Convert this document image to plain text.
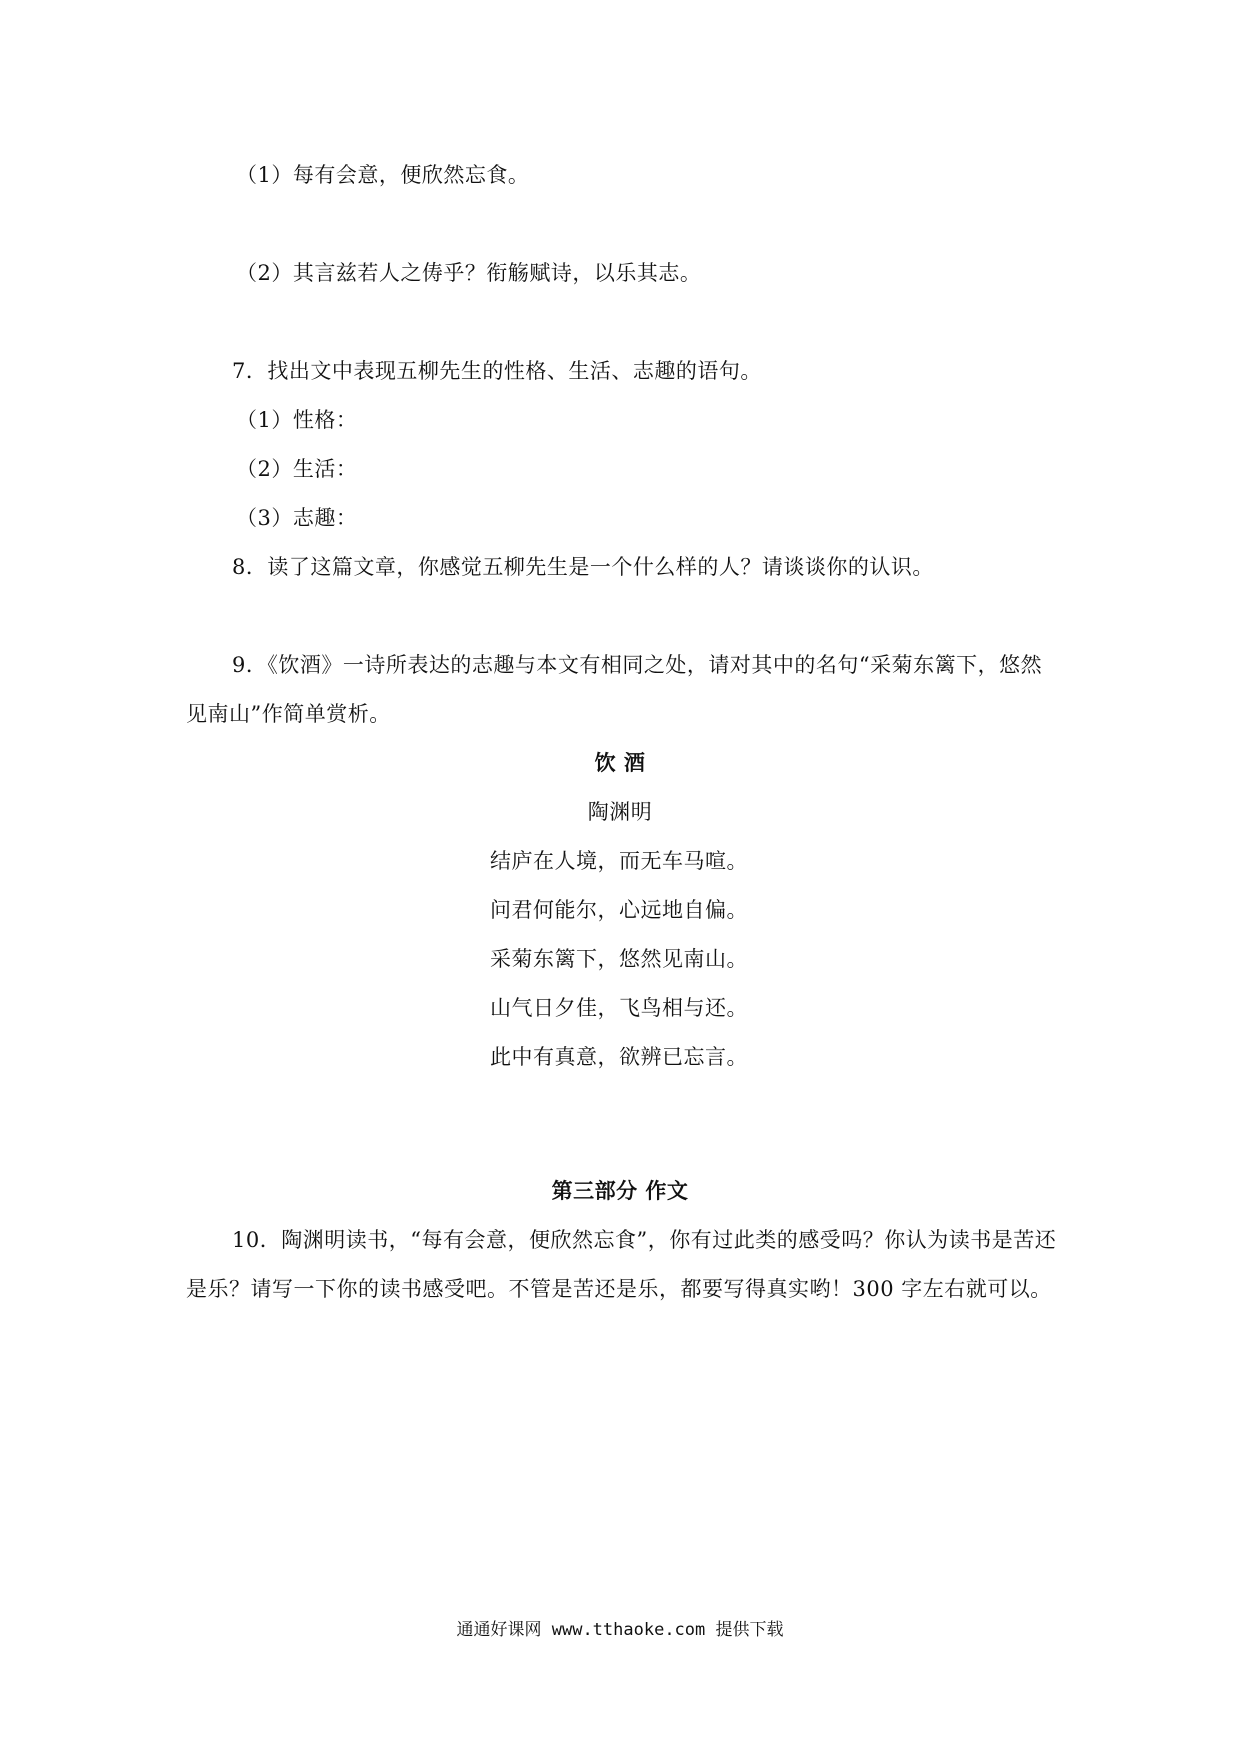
（1）每有会意，便欣然忘食。
（2）其言兹若人之俦乎？衔觞赋诗，以乐其志。
7．找出文中表现五柳先生的性格、生活、志趣的语句。
（1）性格：
（2）生活：
（3）志趣：
8．读了这篇文章，你感觉五柳先生是一个什么样的人？请谈谈你的认识。
9．《饮酒》一诗所表达的志趣与本文有相同之处，请对其中的名句“采菊东篱下，悠然
见南山”作简单赏析。
饮 酒
陶渊明
结庐在人境，而无车马喧。
问君何能尔，心远地自偏。
采菊东篱下，悠然见南山。
山气日夕佳，飞鸟相与还。
此中有真意，欲辨已忘言。
第三部分 作文
10．陶渊明读书，“每有会意，便欣然忘食”，你有过此类的感受吗？你认为读书是苦还
是乐？请写一下你的读书感受吧。不管是苦还是乐，都要写得真实哟！300 字左右就可以。
通通好课网 www.tthaoke.com 提供下载
